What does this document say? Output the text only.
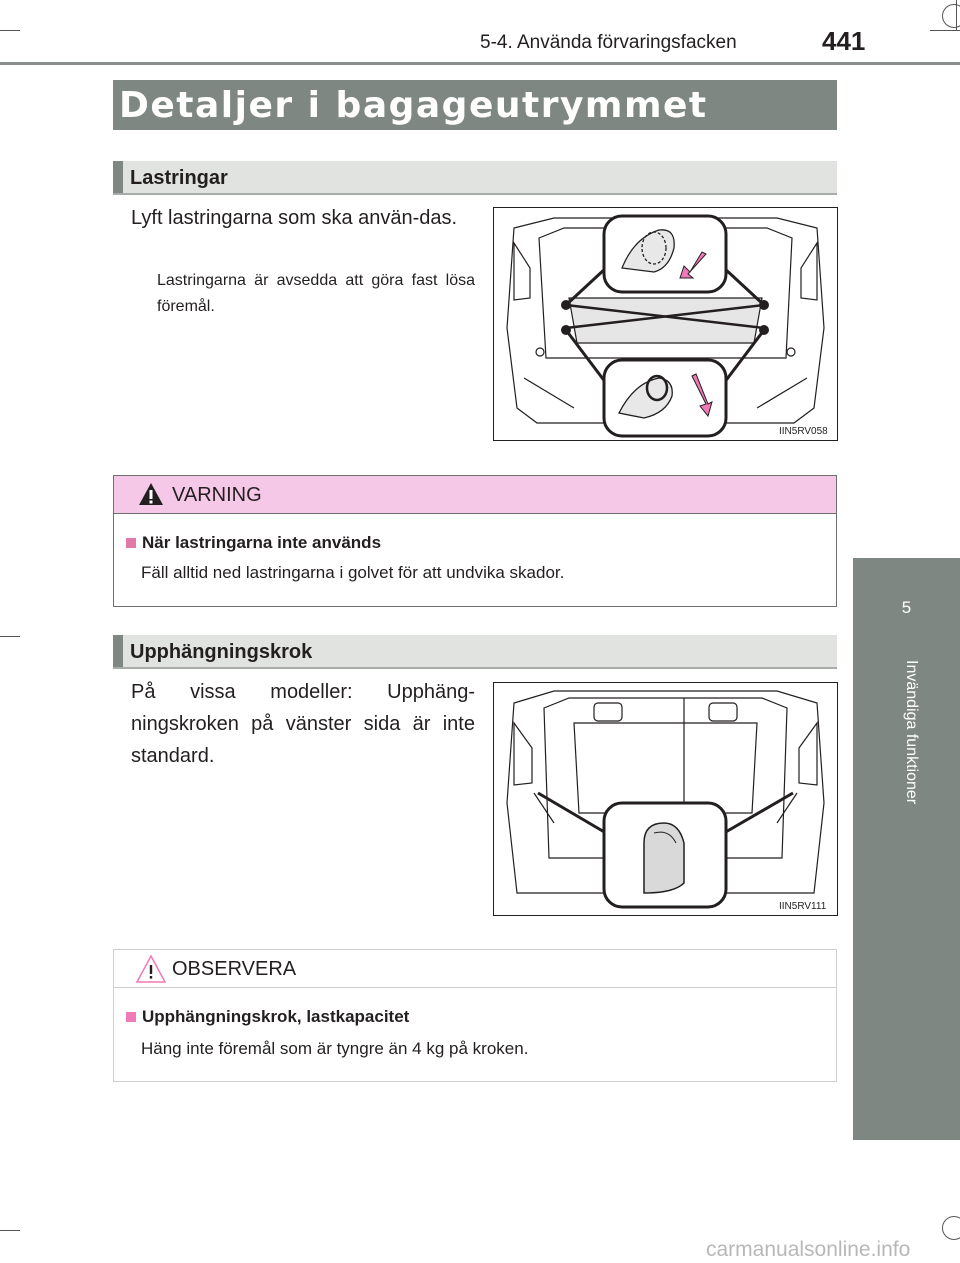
5-4. Använda förvaringsfacken	441
5
Invändiga funktioner
Detaljer i bagageutrymmet
Lastringar
Lyft lastringarna som ska använ-das.
Lastringarna är avsedda att göra fast lösa föremål.
IIN5RV058
VARNING
När lastringarna inte används
Fäll alltid ned lastringarna i golvet för att undvika skador.
Upphängningskrok
På vissa modeller: Upphäng-ningskroken på vänster sida är inte standard.
IIN5RV111
OBSERVERA
Upphängningskrok, lastkapacitet
Häng inte föremål som är tyngre än 4 kg på kroken.
carmanualsonline.info
